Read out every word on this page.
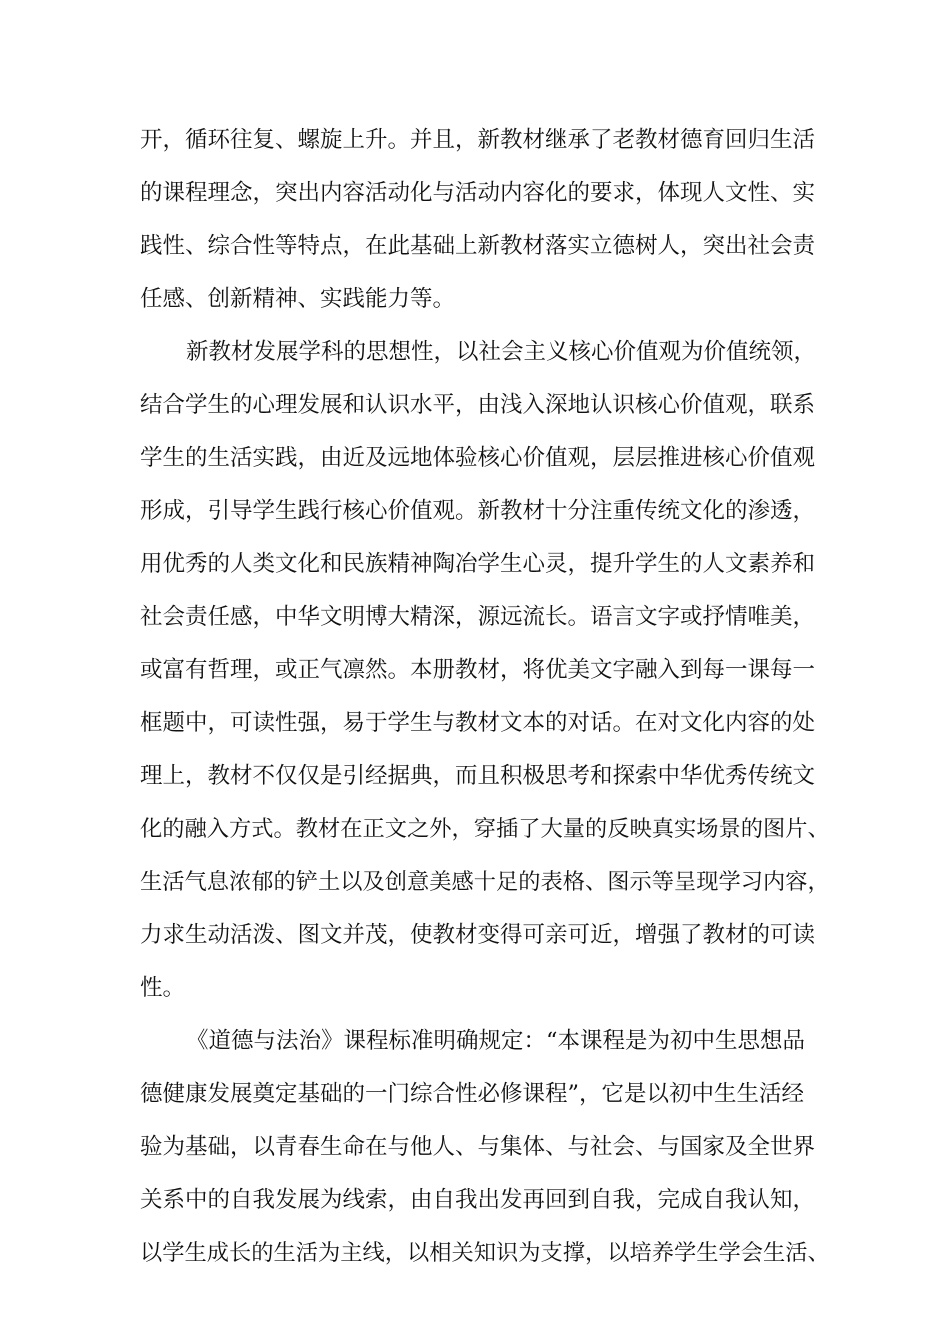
开，循环往复、螺旋上升。并且，新教材继承了老教材德育回归生活
的课程理念，突出内容活动化与活动内容化的要求，体现人文性、实
践性、综合性等特点，在此基础上新教材落实立德树人，突出社会责
任感、创新精神、实践能力等。
新教材发展学科的思想性，以社会主义核心价值观为价值统领，
结合学生的心理发展和认识水平，由浅入深地认识核心价值观，联系
学生的生活实践，由近及远地体验核心价值观，层层推进核心价值观
形成，引导学生践行核心价值观。新教材十分注重传统文化的渗透，
用优秀的人类文化和民族精神陶冶学生心灵，提升学生的人文素养和
社会责任感，中华文明博大精深，源远流长。语言文字或抒情唯美，
或富有哲理，或正气凛然。本册教材，将优美文字融入到每一课每一
框题中，可读性强，易于学生与教材文本的对话。在对文化内容的处
理上，教材不仅仅是引经据典，而且积极思考和探索中华优秀传统文
化的融入方式。教材在正文之外，穿插了大量的反映真实场景的图片、
生活气息浓郁的铲土以及创意美感十足的表格、图示等呈现学习内容，
力求生动活泼、图文并茂，使教材变得可亲可近，增强了教材的可读
性。
《道德与法治》课程标准明确规定：“本课程是为初中生思想品
德健康发展奠定基础的一门综合性必修课程”，它是以初中生生活经
验为基础，以青春生命在与他人、与集体、与社会、与国家及全世界
关系中的自我发展为线索，由自我出发再回到自我，完成自我认知，
以学生成长的生活为主线，以相关知识为支撑，以培养学生学会生活、
